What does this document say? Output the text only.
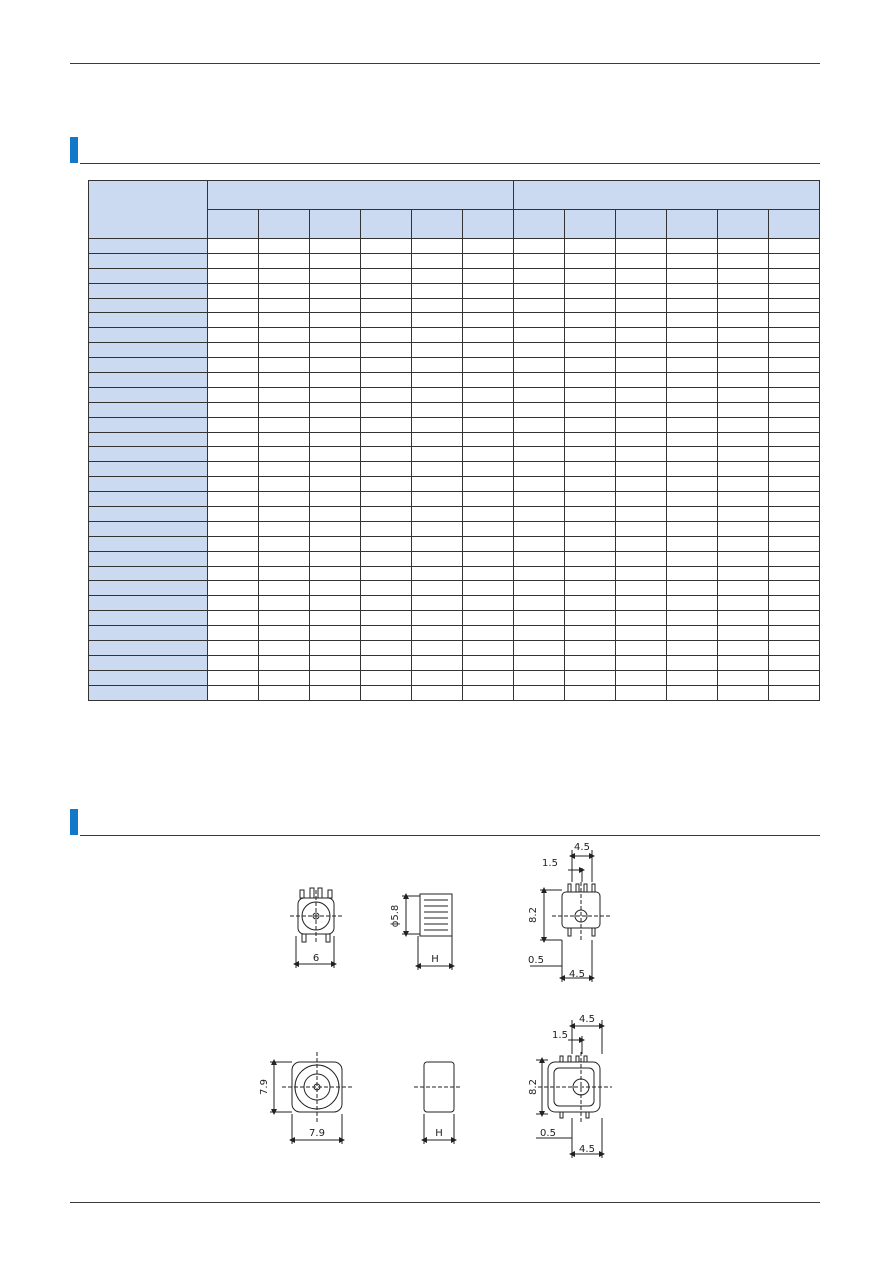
6
ϕ5.8
H
4.5
1.5
8.2
0.5
4.5
7.9
7.9	H
4.5
1.5
8.2
0.5
4.5
